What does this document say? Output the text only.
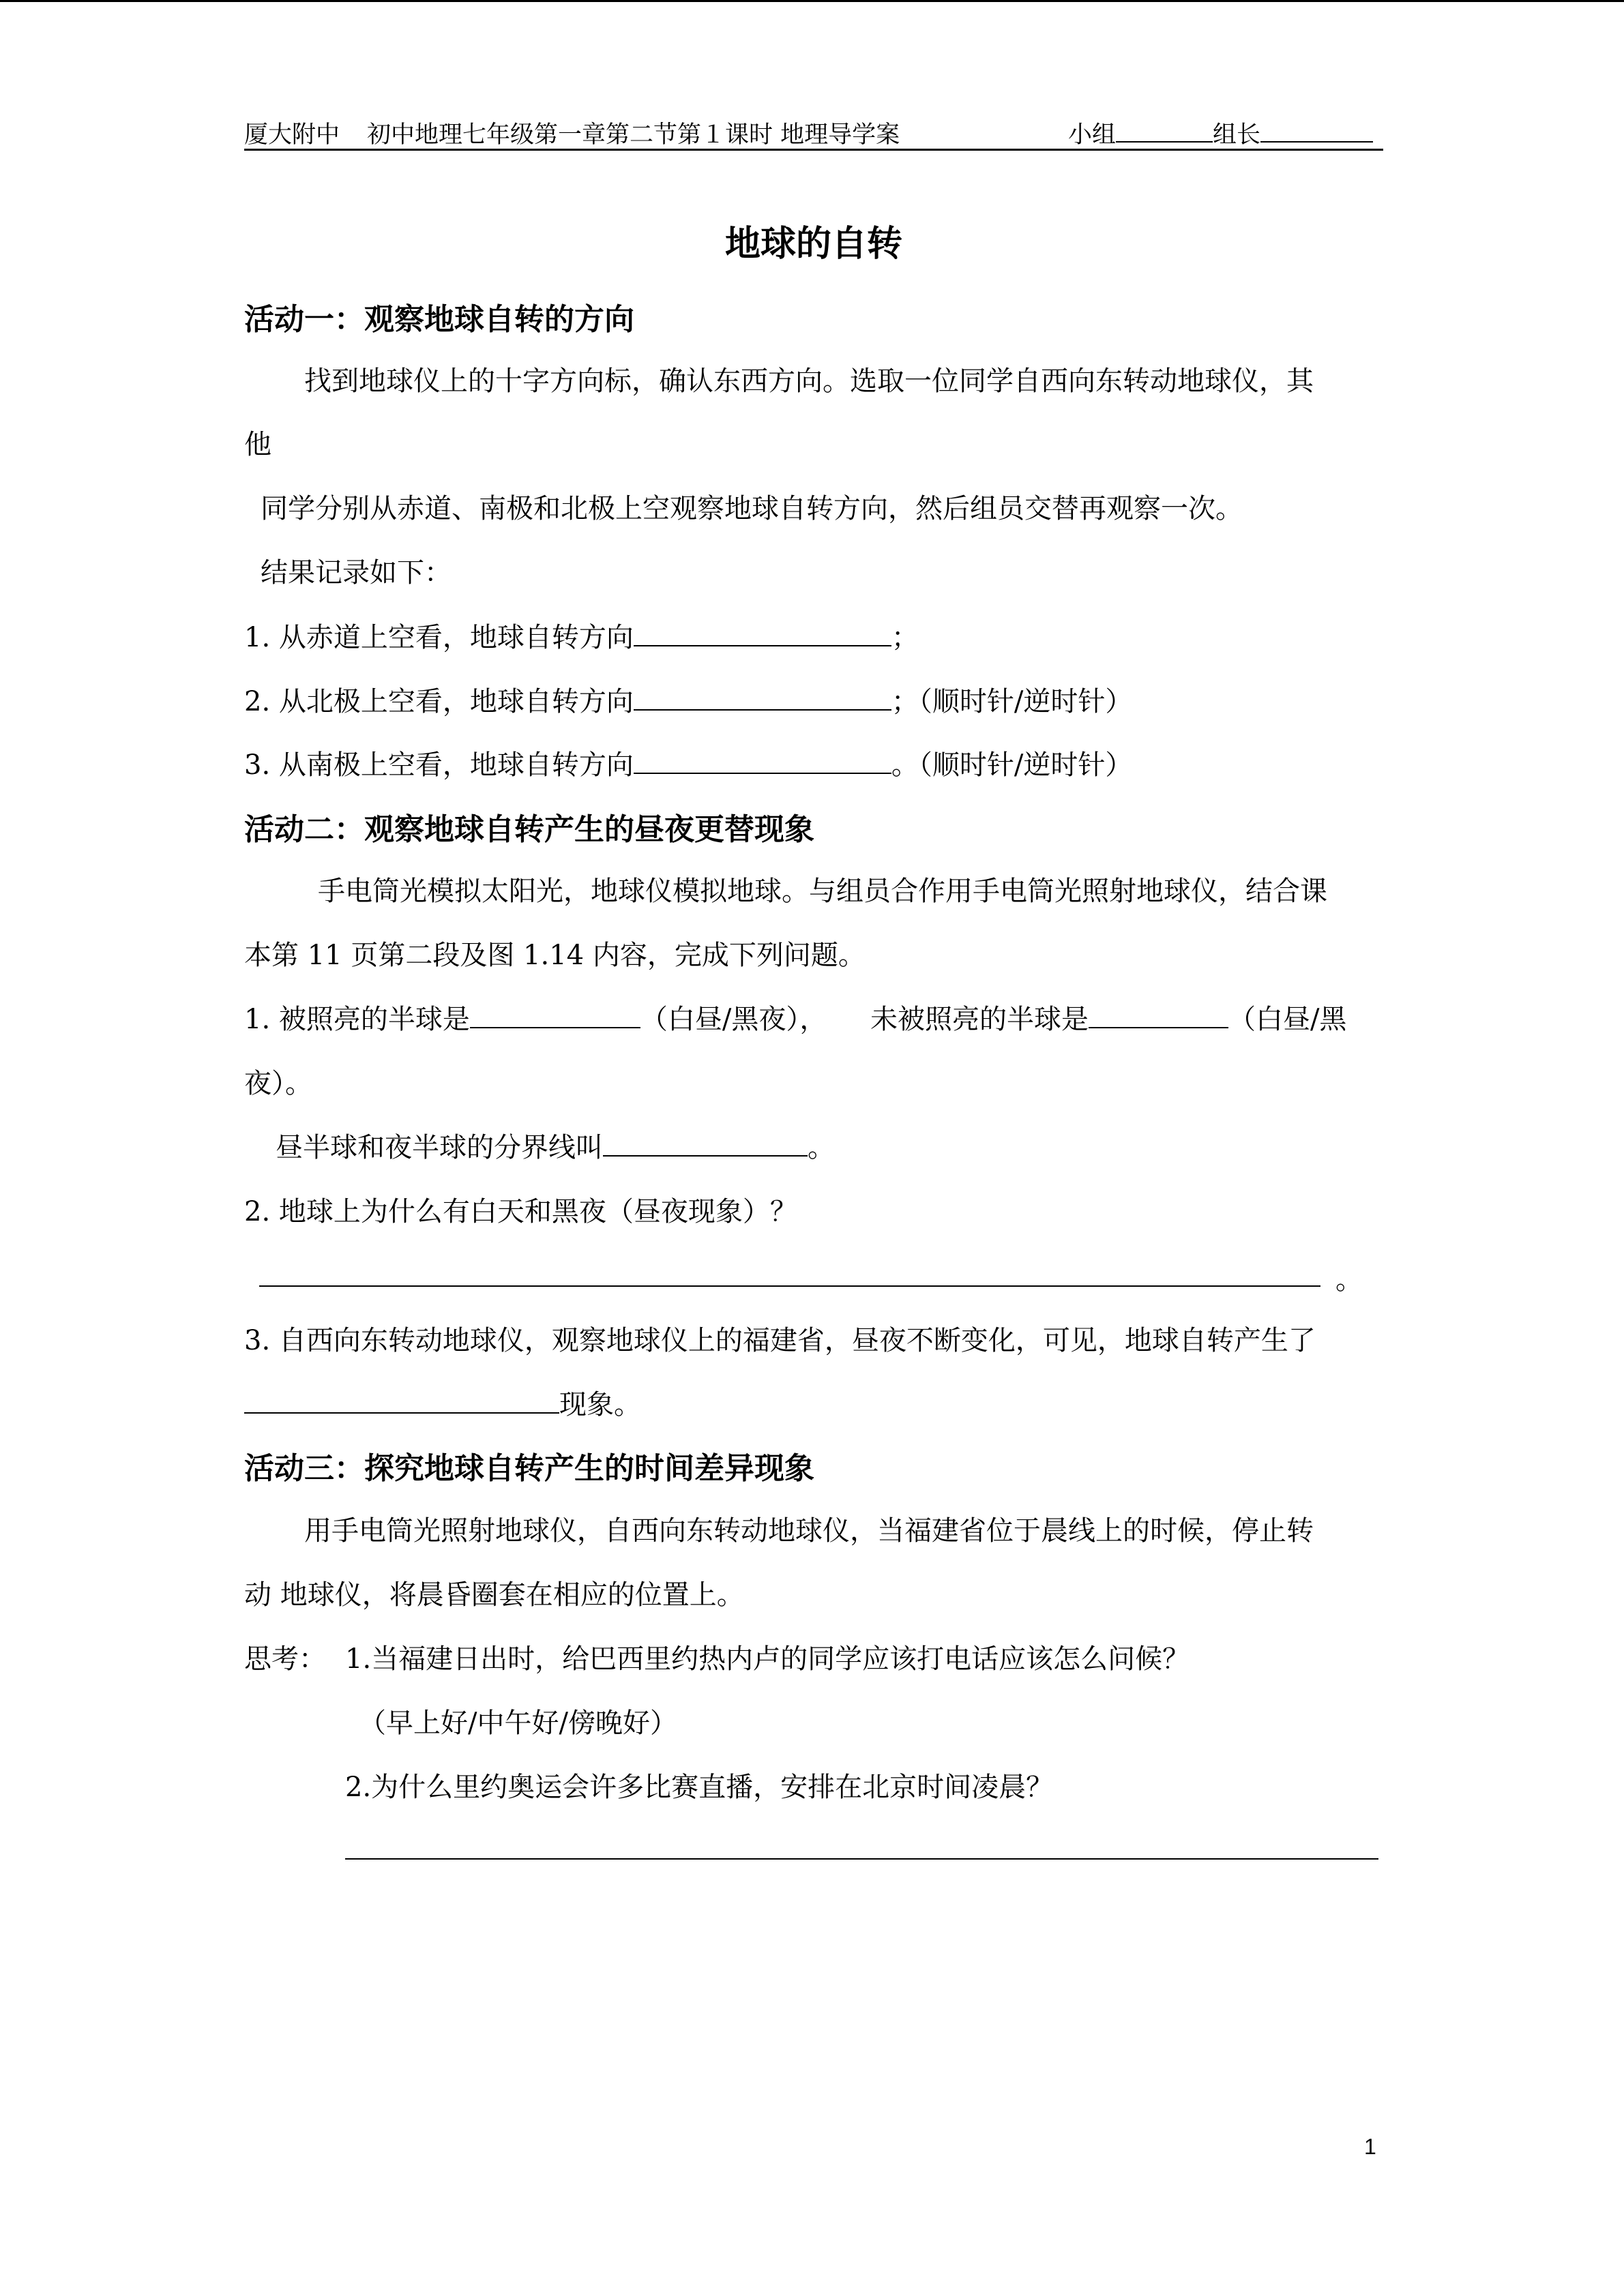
厦大附中 初中地理七年级第一章第二节第１课时 地理导学案	小组	组长
地球的自转
活动一：观察地球自转的方向
找到地球仪上的十字方向标，确认东西方向。选取一位同学自西向东转动地球仪，其
他
同学分别从赤道、南极和北极上空观察地球自转方向，然后组员交替再观察一次。
结果记录如下：
1. 从赤道上空看，地球自转方向	；
2. 从北极上空看，地球自转方向	；（顺时针/逆时针）
3. 从南极上空看，地球自转方向	。（顺时针/逆时针）
活动二：观察地球自转产生的昼夜更替现象
手电筒光模拟太阳光，地球仪模拟地球。与组员合作用手电筒光照射地球仪，结合课
本第 11 页第二段及图 1.14 内容，完成下列问题。
1. 被照亮的半球是	（白昼/黑夜）， 未被照亮的半球是	（白昼/黑
夜）。
昼半球和夜半球的分界线叫	。
2. 地球上为什么有白天和黑夜（昼夜现象）？
。
3. 自西向东转动地球仪，观察地球仪上的福建省，昼夜不断变化，可见，地球自转产生了
现象。
活动三：探究地球自转产生的时间差异现象
用手电筒光照射地球仪，自西向东转动地球仪，当福建省位于晨线上的时候，停止转
动 地球仪，将晨昏圈套在相应的位置上。
思考： 1.当福建日出时，给巴西里约热内卢的同学应该打电话应该怎么问候？
（早上好/中午好/傍晚好）
2.为什么里约奥运会许多比赛直播，安排在北京时间凌晨？
1
